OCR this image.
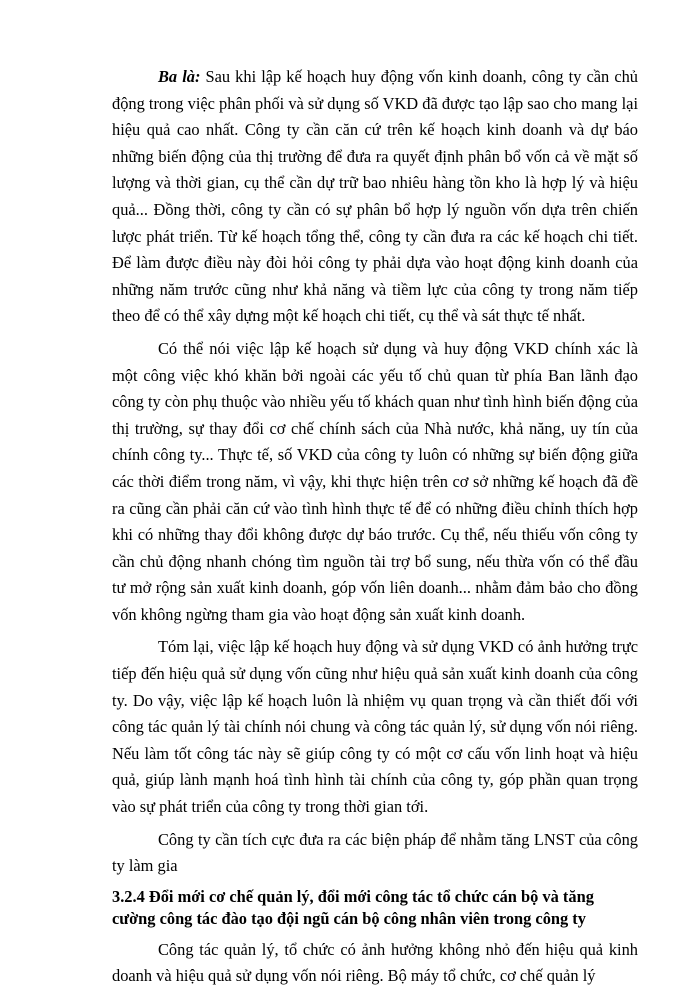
Ba là: Sau khi lập kế hoạch huy động vốn kinh doanh, công ty cần chủ động trong việc phân phối và sử dụng số VKD đã được tạo lập sao cho mang lại hiệu quả cao nhất. Công ty cần căn cứ trên kế hoạch kinh doanh và dự báo những biến động của thị trường để đưa ra quyết định phân bổ vốn cả về mặt số lượng và thời gian, cụ thể cần dự trữ bao nhiêu hàng tồn kho là hợp lý và hiệu quả... Đồng thời, công ty cần có sự phân bổ hợp lý nguồn vốn dựa trên chiến lược phát triển. Từ kế hoạch tổng thể, công ty cần đưa ra các kế hoạch chi tiết. Để làm được điều này đòi hỏi công ty phải dựa vào hoạt động kinh doanh của những năm trước cũng như khả năng và tiềm lực của công ty trong năm tiếp theo để có thể xây dựng một kế hoạch chi tiết, cụ thể và sát thực tế nhất.

Có thể nói việc lập kế hoạch sử dụng và huy động VKD chính xác là một công việc khó khăn bởi ngoài các yếu tố chủ quan từ phía Ban lãnh đạo công ty còn phụ thuộc vào nhiều yếu tố khách quan như tình hình biến động của thị trường, sự thay đổi cơ chế chính sách của Nhà nước, khả năng, uy tín của chính công ty... Thực tế, số VKD của công ty luôn có những sự biến động giữa các thời điểm trong năm, vì vậy, khi thực hiện trên cơ sở những kế hoạch đã đề ra cũng cần phải căn cứ vào tình hình thực tế để có những điều chỉnh thích hợp khi có những thay đổi không được dự báo trước. Cụ thể, nếu thiếu vốn công ty cần chủ động nhanh chóng tìm nguồn tài trợ bổ sung, nếu thừa vốn có thể đầu tư mở rộng sản xuất kinh doanh, góp vốn liên doanh... nhằm đảm bảo cho đồng vốn không ngừng tham gia vào hoạt động sản xuất kinh doanh.

Tóm lại, việc lập kế hoạch huy động và sử dụng VKD có ảnh hưởng trực tiếp đến hiệu quả sử dụng vốn cũng như hiệu quả sản xuất kinh doanh của công ty. Do vậy, việc lập kế hoạch luôn là nhiệm vụ quan trọng và cần thiết đối với công tác quản lý tài chính nói chung và công tác quản lý, sử dụng vốn nói riêng. Nếu làm tốt công tác này sẽ giúp công ty có một cơ cấu vốn linh hoạt và hiệu quả, giúp lành mạnh hoá tình hình tài chính của công ty, góp phần quan trọng vào sự phát triển của công ty trong thời gian tới.

Công ty cần tích cực đưa ra các biện pháp để nhằm tăng LNST của công ty làm gia

3.2.4 Đổi mới cơ chế quản lý, đổi mới công tác tổ chức cán bộ và tăng cường công tác đào tạo đội ngũ cán bộ công nhân viên trong công ty

Công tác quản lý, tổ chức có ảnh hưởng không nhỏ đến hiệu quả kinh doanh và hiệu quả sử dụng vốn nói riêng. Bộ máy tổ chức, cơ chế quản lý
